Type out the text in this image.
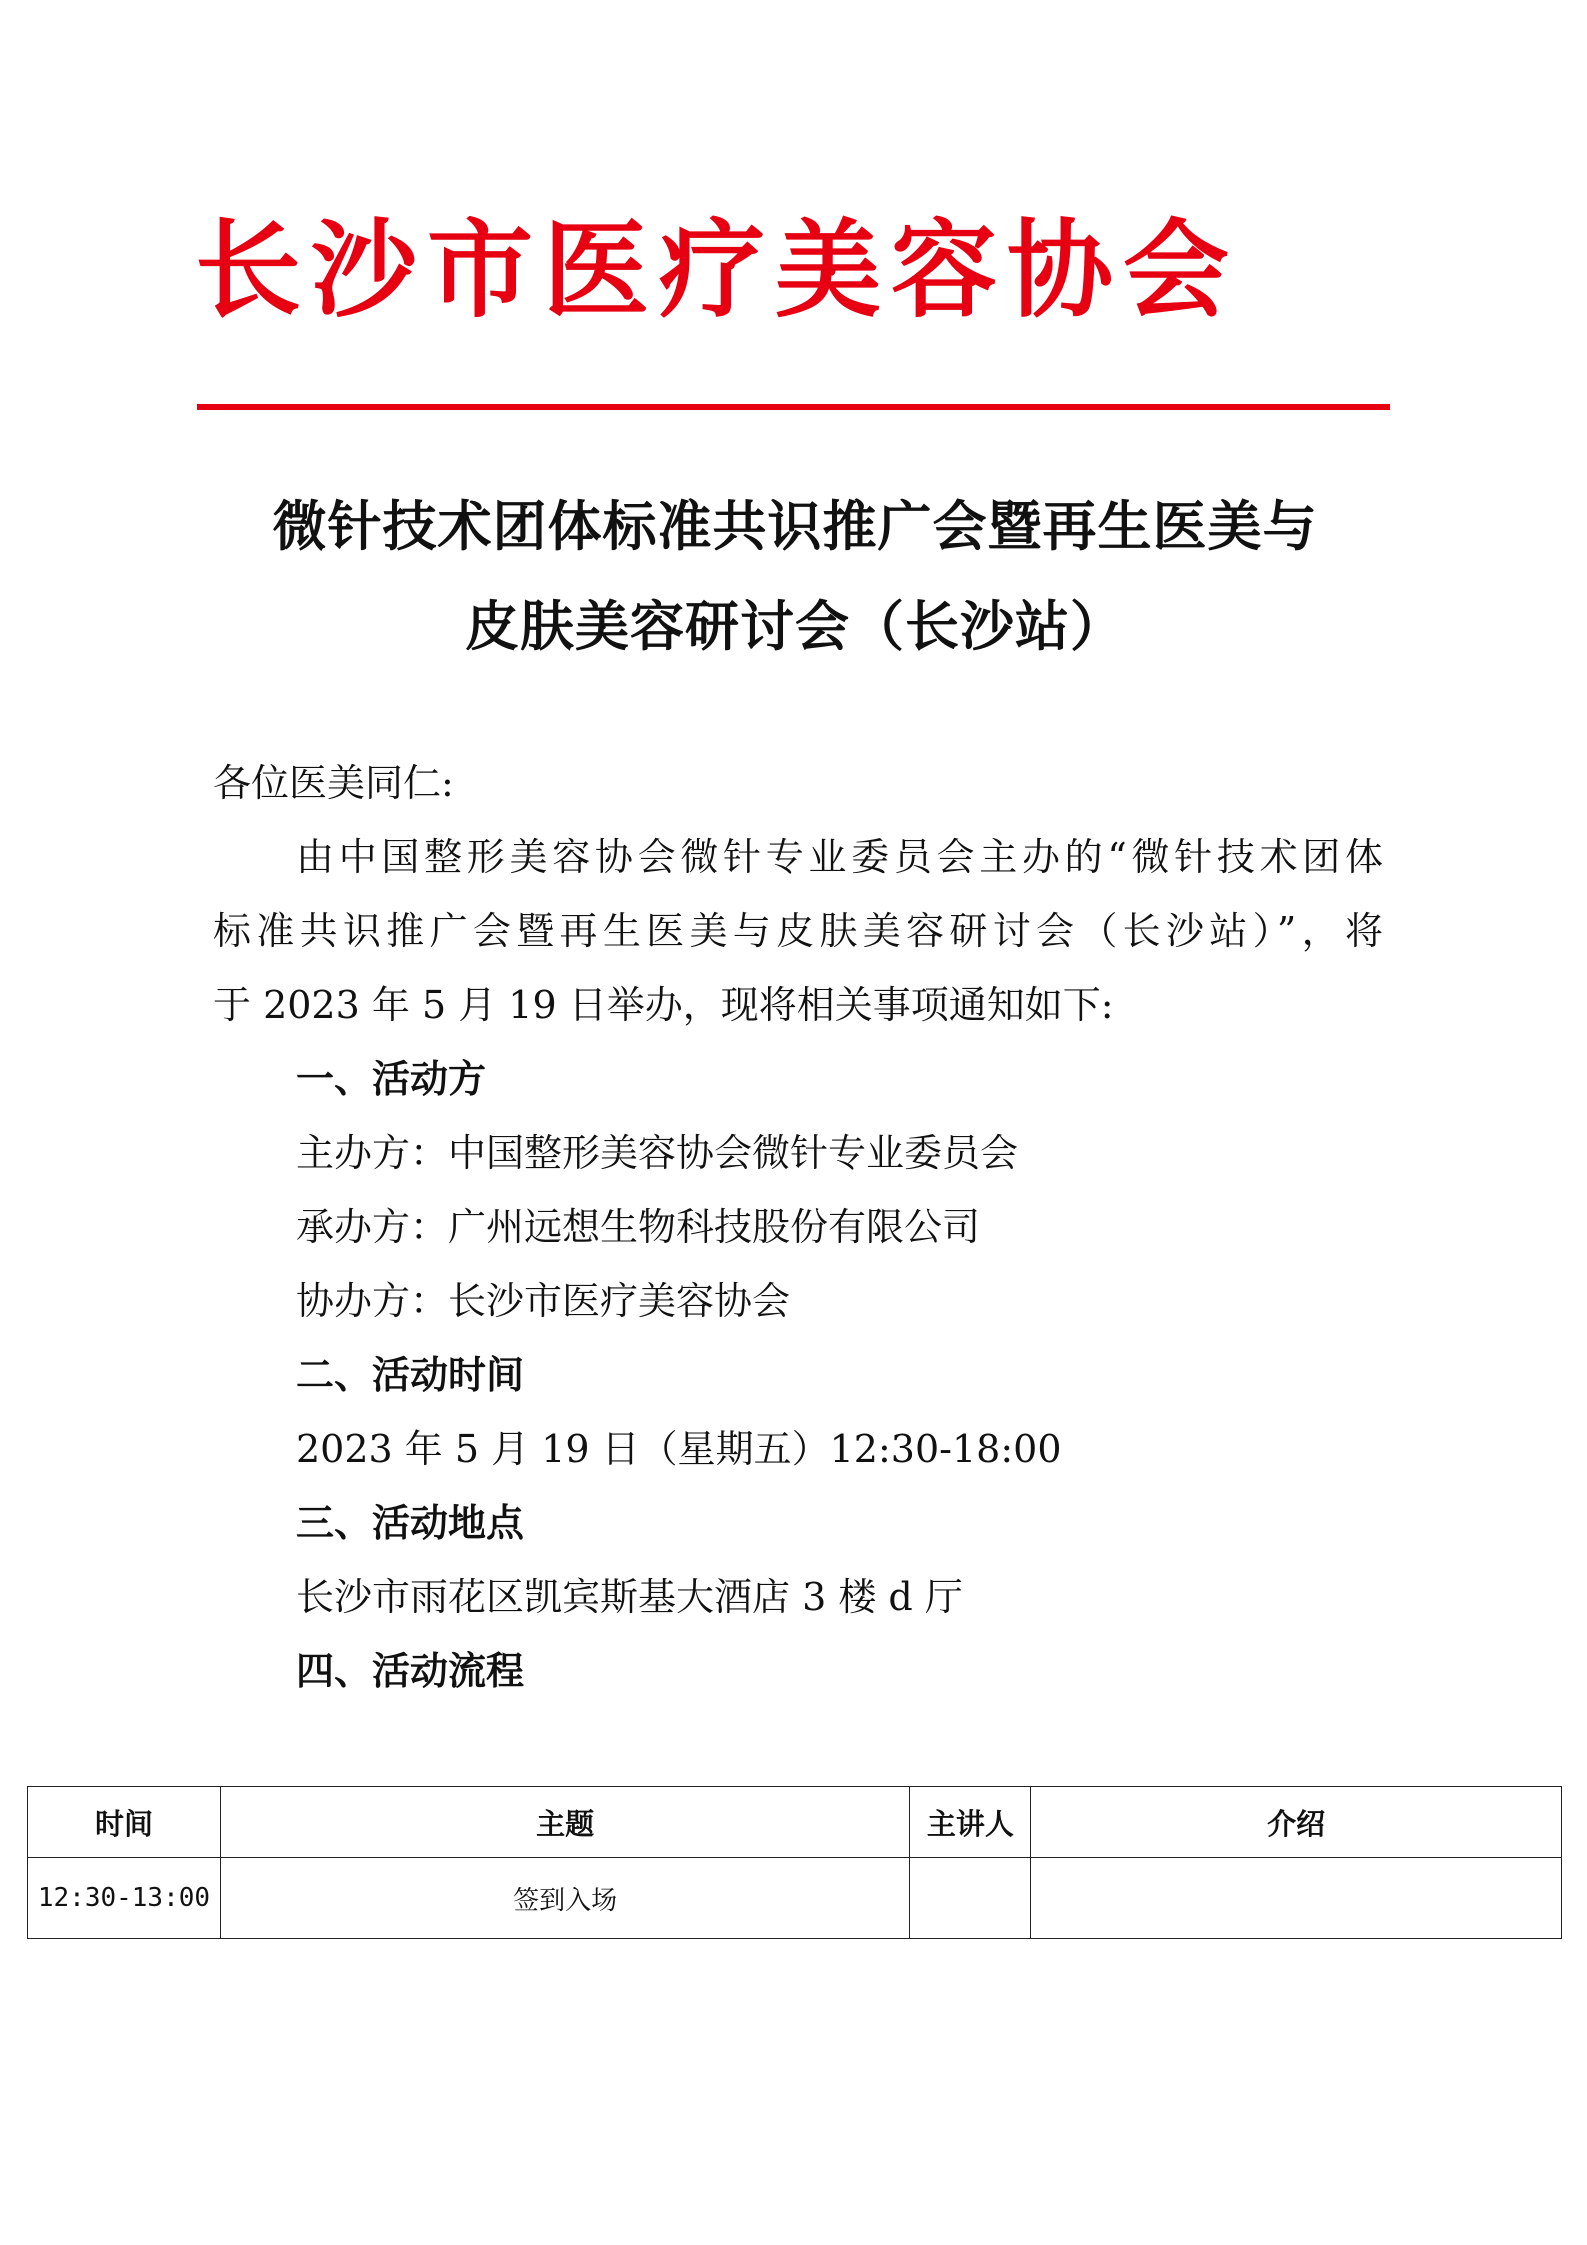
长沙市医疗美容协会
微针技术团体标准共识推广会暨再生医美与
皮肤美容研讨会（长沙站）
各位医美同仁:
由中国整形美容协会微针专业委员会主办的“微针技术团体
标准共识推广会暨再生医美与皮肤美容研讨会（长沙站）”，将
于 2023 年 5 月 19 日举办，现将相关事项通知如下:
一、活动方
主办方：中国整形美容协会微针专业委员会
承办方：广州远想生物科技股份有限公司
协办方：长沙市医疗美容协会
二、活动时间
2023 年 5 月 19 日（星期五）12:30-18:00
三、活动地点
长沙市雨花区凯宾斯基大酒店 3 楼 d 厅
四、活动流程
时间	主题	主讲人	介绍
12:30-13:00	签到入场		
